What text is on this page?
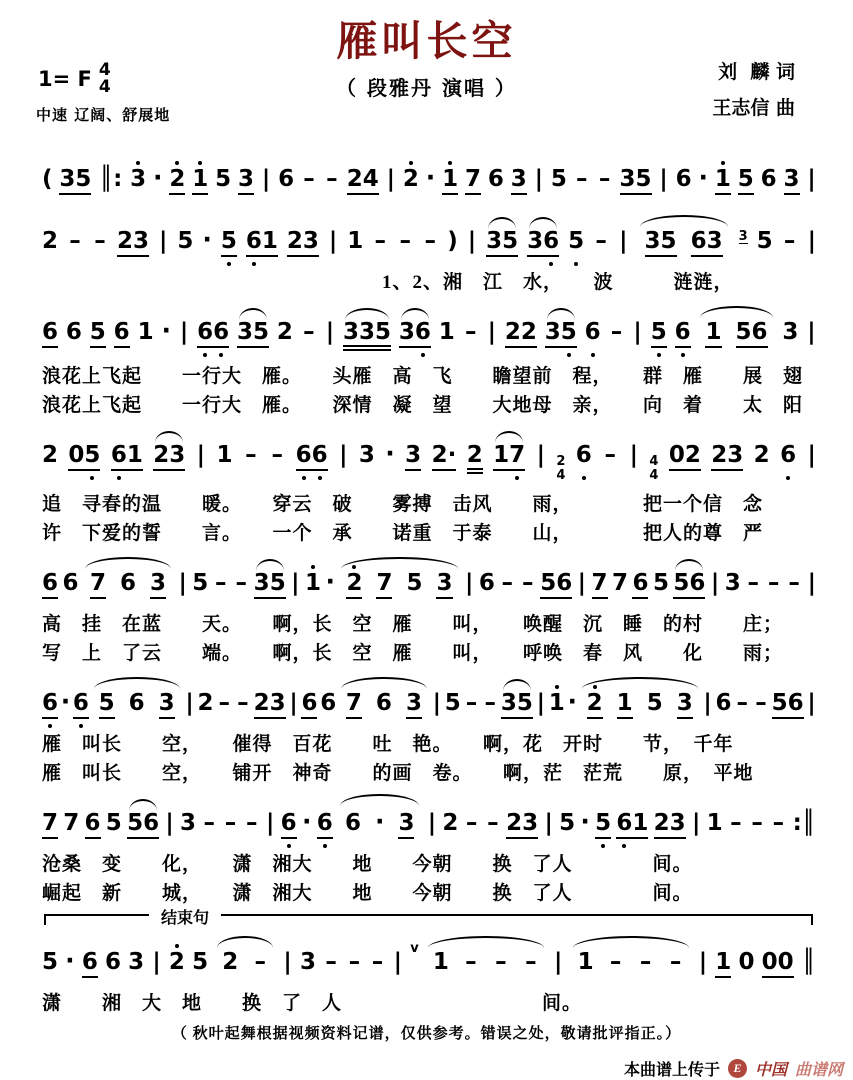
雁叫长空
（ 段雅丹 演唱 ）
刘  麟 词
王志信 曲
1= F 4
4
中速 辽阔、舒展地
( 35 ║: 3 · 2 1 5 3 | 6 – – 24 | 2 · 1 7 6 3 | 5 – – 35 | 6 · 1 5 6 3 |
2 – – 23 | 5 · 5 61 23 | 1 – – – ) | 35 36 5 – | 35 63 3 5 – |
　　　　　　　　　　　　　　　　　1、2、湘　江　水，　　波　　　涟涟，
6 6 5 6 1 · | 66 35 2 – | 335 36 1 – | 22 35 6 – | 5 6 1 56 3 |
浪花上飞起　　一行大　雁。　　头雁　高　飞　　瞻望前　程，　　群　雁　　展　翅
浪花上飞起　　一行大　雁。　　深情　凝　望　　大地母　亲，　　向　着　　太　阳
2 05 61 23 | 1 – – 66 | 3 · 3 2· 2 17 | 2
4
6 – | 4
4
02 23 2 6 |
追　寻春的温　　暖。　　穿云　破　　雾搏　击风　　雨，　　　　把一个信　念
许　下爱的誓　　言。　　一个　承　　诺重　于泰　　山，　　　　把人的尊　严
6 6 7 6 3 | 5 – – 35 | 1 · 2 7 5 3 | 6 – – 56 | 7 7 6 5 56 | 3 – – – |
高　挂　在蓝　　天。　　啊，长　空　雁　　叫，　　唤醒　沉　睡　的村　　庄；
写　上　了云　　端。　　啊，长　空　雁　　叫，　　呼唤　春　风　　化　　雨；
6 · 6 5 6 3 | 2 – – 23 | 6 6 7 6 3 | 5 – – 35 | 1 · 2 1 5 3 | 6 – – 56 |
雁　叫长　　空，　　催得　百花　　吐　艳。　　啊，花　开时　　节，　千年
雁　叫长　　空，　　铺开　神奇　　的画　卷。　　啊，茫　茫荒　　原，　平地
7 7 6 5 56 | 3 – – – | 6 · 6 6 · 3 | 2 – – 23 | 5 · 5 61 23 | 1 – – – :║
沧桑　变　　化，　　潇　湘大　　地　　今朝　　换　了人　　　　间。
崛起　新　　城，　　潇　湘大　　地　　今朝　　换　了人　　　　间。
结束句
5 · 6 6 3 | 2 5 2 – | 3 – – – |
v
1 – – – | 1 – – – | 1 0 00 ║
潇　　湘　大　地　　换　了　人　　　　　　　　　　间。
（ 秋叶起舞根据视频资料记谱，仅供参考。错误之处，敬请批评指正。）
本曲谱上传于	E 中国 曲谱网
